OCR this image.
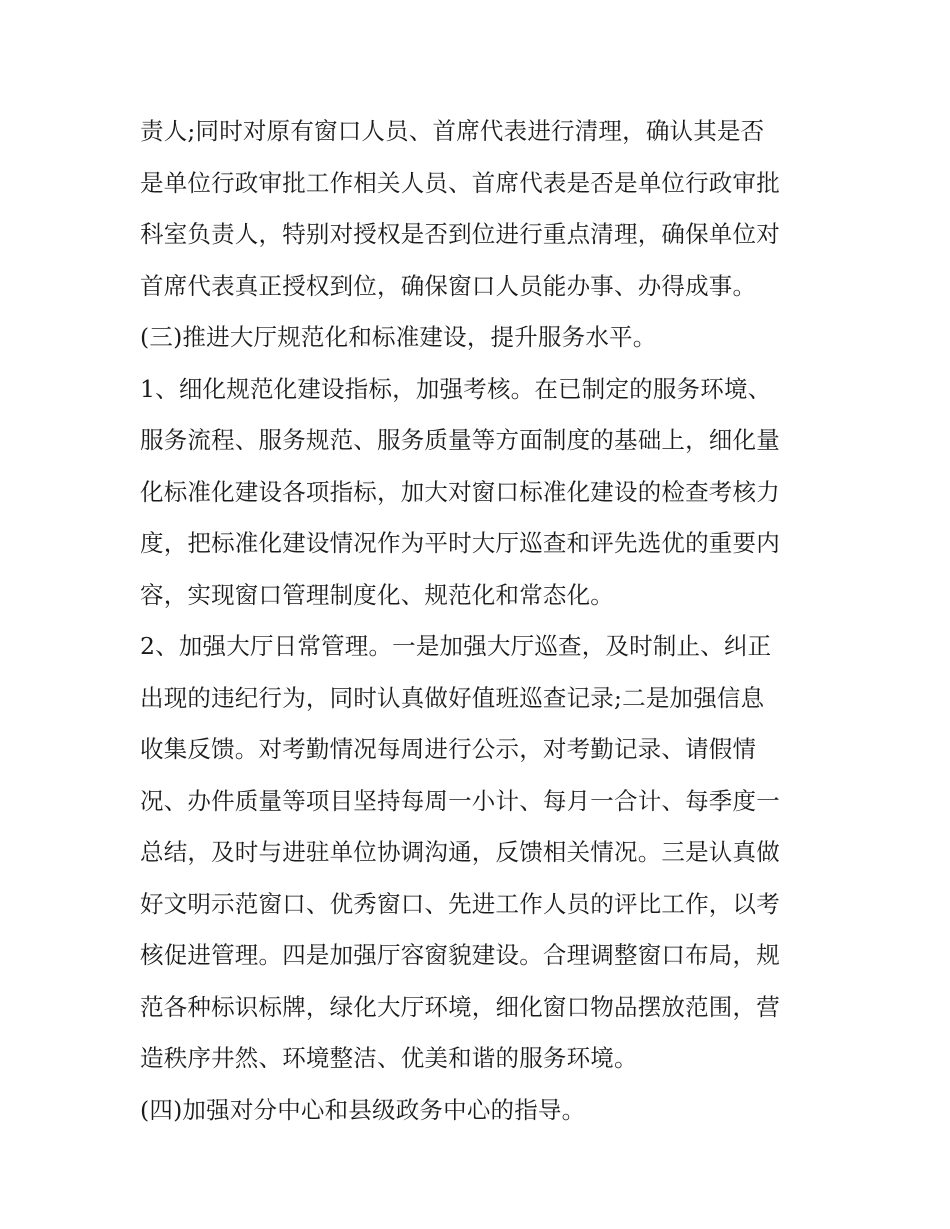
责人;同时对原有窗口人员、首席代表进行清理，确认其是否
是单位行政审批工作相关人员、首席代表是否是单位行政审批
科室负责人，特别对授权是否到位进行重点清理，确保单位对
首席代表真正授权到位，确保窗口人员能办事、办得成事。
(三)推进大厅规范化和标准建设，提升服务水平。
1、细化规范化建设指标，加强考核。在已制定的服务环境、
服务流程、服务规范、服务质量等方面制度的基础上，细化量
化标准化建设各项指标，加大对窗口标准化建设的检查考核力
度，把标准化建设情况作为平时大厅巡查和评先选优的重要内
容，实现窗口管理制度化、规范化和常态化。
2、加强大厅日常管理。一是加强大厅巡查，及时制止、纠正
出现的违纪行为，同时认真做好值班巡查记录;二是加强信息
收集反馈。对考勤情况每周进行公示，对考勤记录、请假情
况、办件质量等项目坚持每周一小计、每月一合计、每季度一
总结，及时与进驻单位协调沟通，反馈相关情况。三是认真做
好文明示范窗口、优秀窗口、先进工作人员的评比工作，以考
核促进管理。四是加强厅容窗貌建设。合理调整窗口布局，规
范各种标识标牌，绿化大厅环境，细化窗口物品摆放范围，营
造秩序井然、环境整洁、优美和谐的服务环境。
(四)加强对分中心和县级政务中心的指导。
